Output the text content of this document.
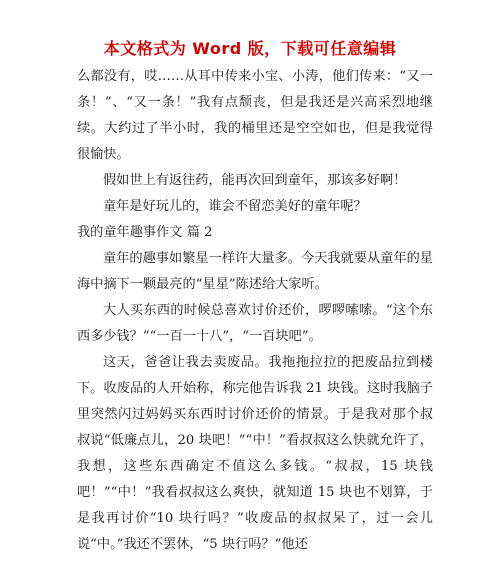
本文格式为 Word 版，下载可任意编辑

么都没有，哎……从耳中传来小宝、小涛，他们传来：“又一条！”、“又一条！”我有点颓丧，但是我还是兴高采烈地继续。大约过了半小时，我的桶里还是空空如也，但是我觉得很愉快。

假如世上有返往药，能再次回到童年，那该多好啊！

童年是好玩儿的，谁会不留恋美好的童年呢？

我的童年趣事作文 篇 2

童年的趣事如繁星一样许大量多。今天我就要从童年的星海中摘下一颗最亮的“星星”陈述给大家听。

大人买东西的时候总喜欢讨价还价，啰啰嗦嗦。“这个东西多少钱？”“一百一十八”，“一百块吧”。

这天，爸爸让我去卖废品。我拖拖拉拉的把废品拉到楼下。收废品的人开始称，称完他告诉我 21 块钱。这时我脑子里突然闪过妈妈买东西时讨价还价的情景。于是我对那个叔叔说“低廉点儿，20 块吧！”“中！”看叔叔这么快就允许了，我想，这些东西确定不值这么多钱。“叔叔，15 块钱吧！”“中！”我看叔叔这么爽快，就知道 15 块也不划算，于是我再讨价“10 块行吗？”收废品的叔叔呆了，过一会儿说“中。”我还不罢休，“5 块行吗？”他还
